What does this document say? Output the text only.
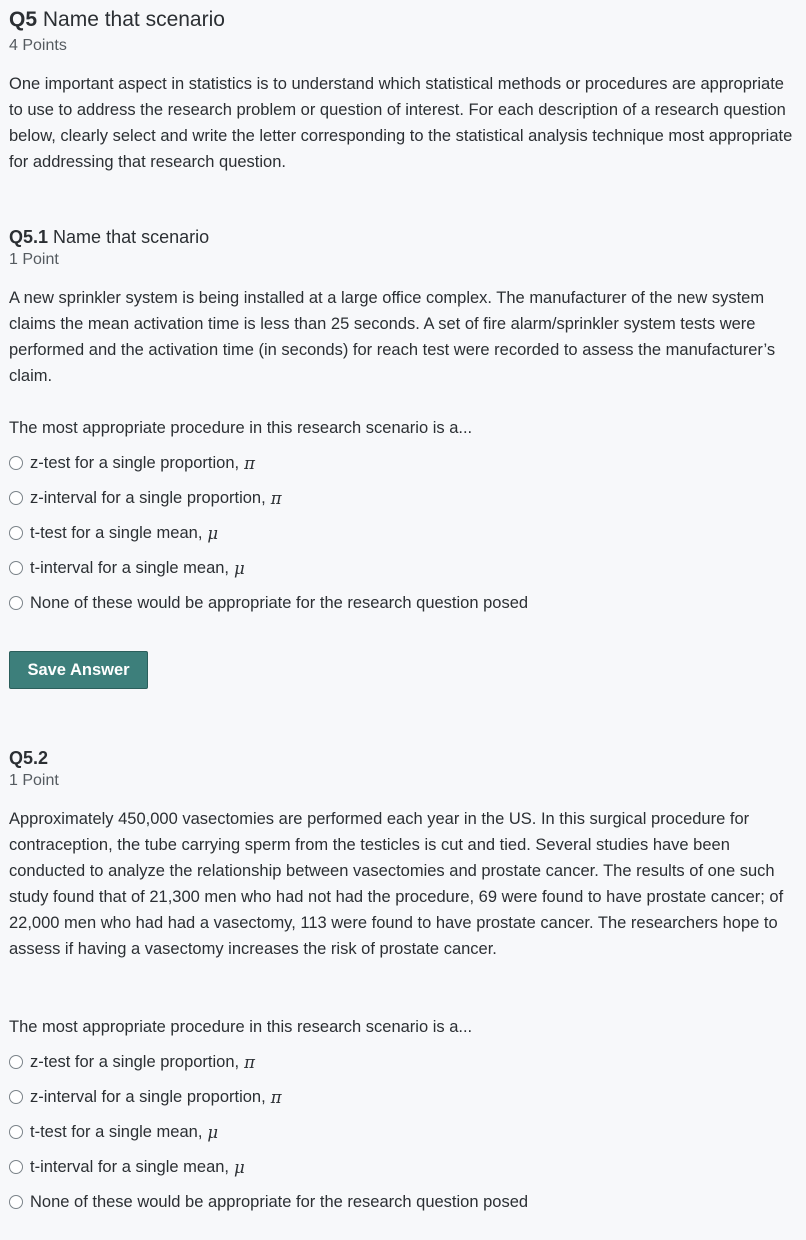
Q5 Name that scenario
4 Points

One important aspect in statistics is to understand which statistical methods or procedures are appropriate to use to address the research problem or question of interest. For each description of a research question below, clearly select and write the letter corresponding to the statistical analysis technique most appropriate for addressing that research question.

Q5.1 Name that scenario
1 Point

A new sprinkler system is being installed at a large office complex. The manufacturer of the new system claims the mean activation time is less than 25 seconds. A set of fire alarm/sprinkler system tests were performed and the activation time (in seconds) for reach test were recorded to assess the manufacturer’s claim.

The most appropriate procedure in this research scenario is a...
z-test for a single proportion, π
z-interval for a single proportion, π
t-test for a single mean, μ
t-interval for a single mean, μ
None of these would be appropriate for the research question posed
Save Answer
Q5.2
1 Point

Approximately 450,000 vasectomies are performed each year in the US. In this surgical procedure for contraception, the tube carrying sperm from the testicles is cut and tied. Several studies have been conducted to analyze the relationship between vasectomies and prostate cancer. The results of one such study found that of 21,300 men who had not had the procedure, 69 were found to have prostate cancer; of 22,000 men who had had a vasectomy, 113 were found to have prostate cancer. The researchers hope to assess if having a vasectomy increases the risk of prostate cancer.

The most appropriate procedure in this research scenario is a...
z-test for a single proportion, π
z-interval for a single proportion, π
t-test for a single mean, μ
t-interval for a single mean, μ
None of these would be appropriate for the research question posed
